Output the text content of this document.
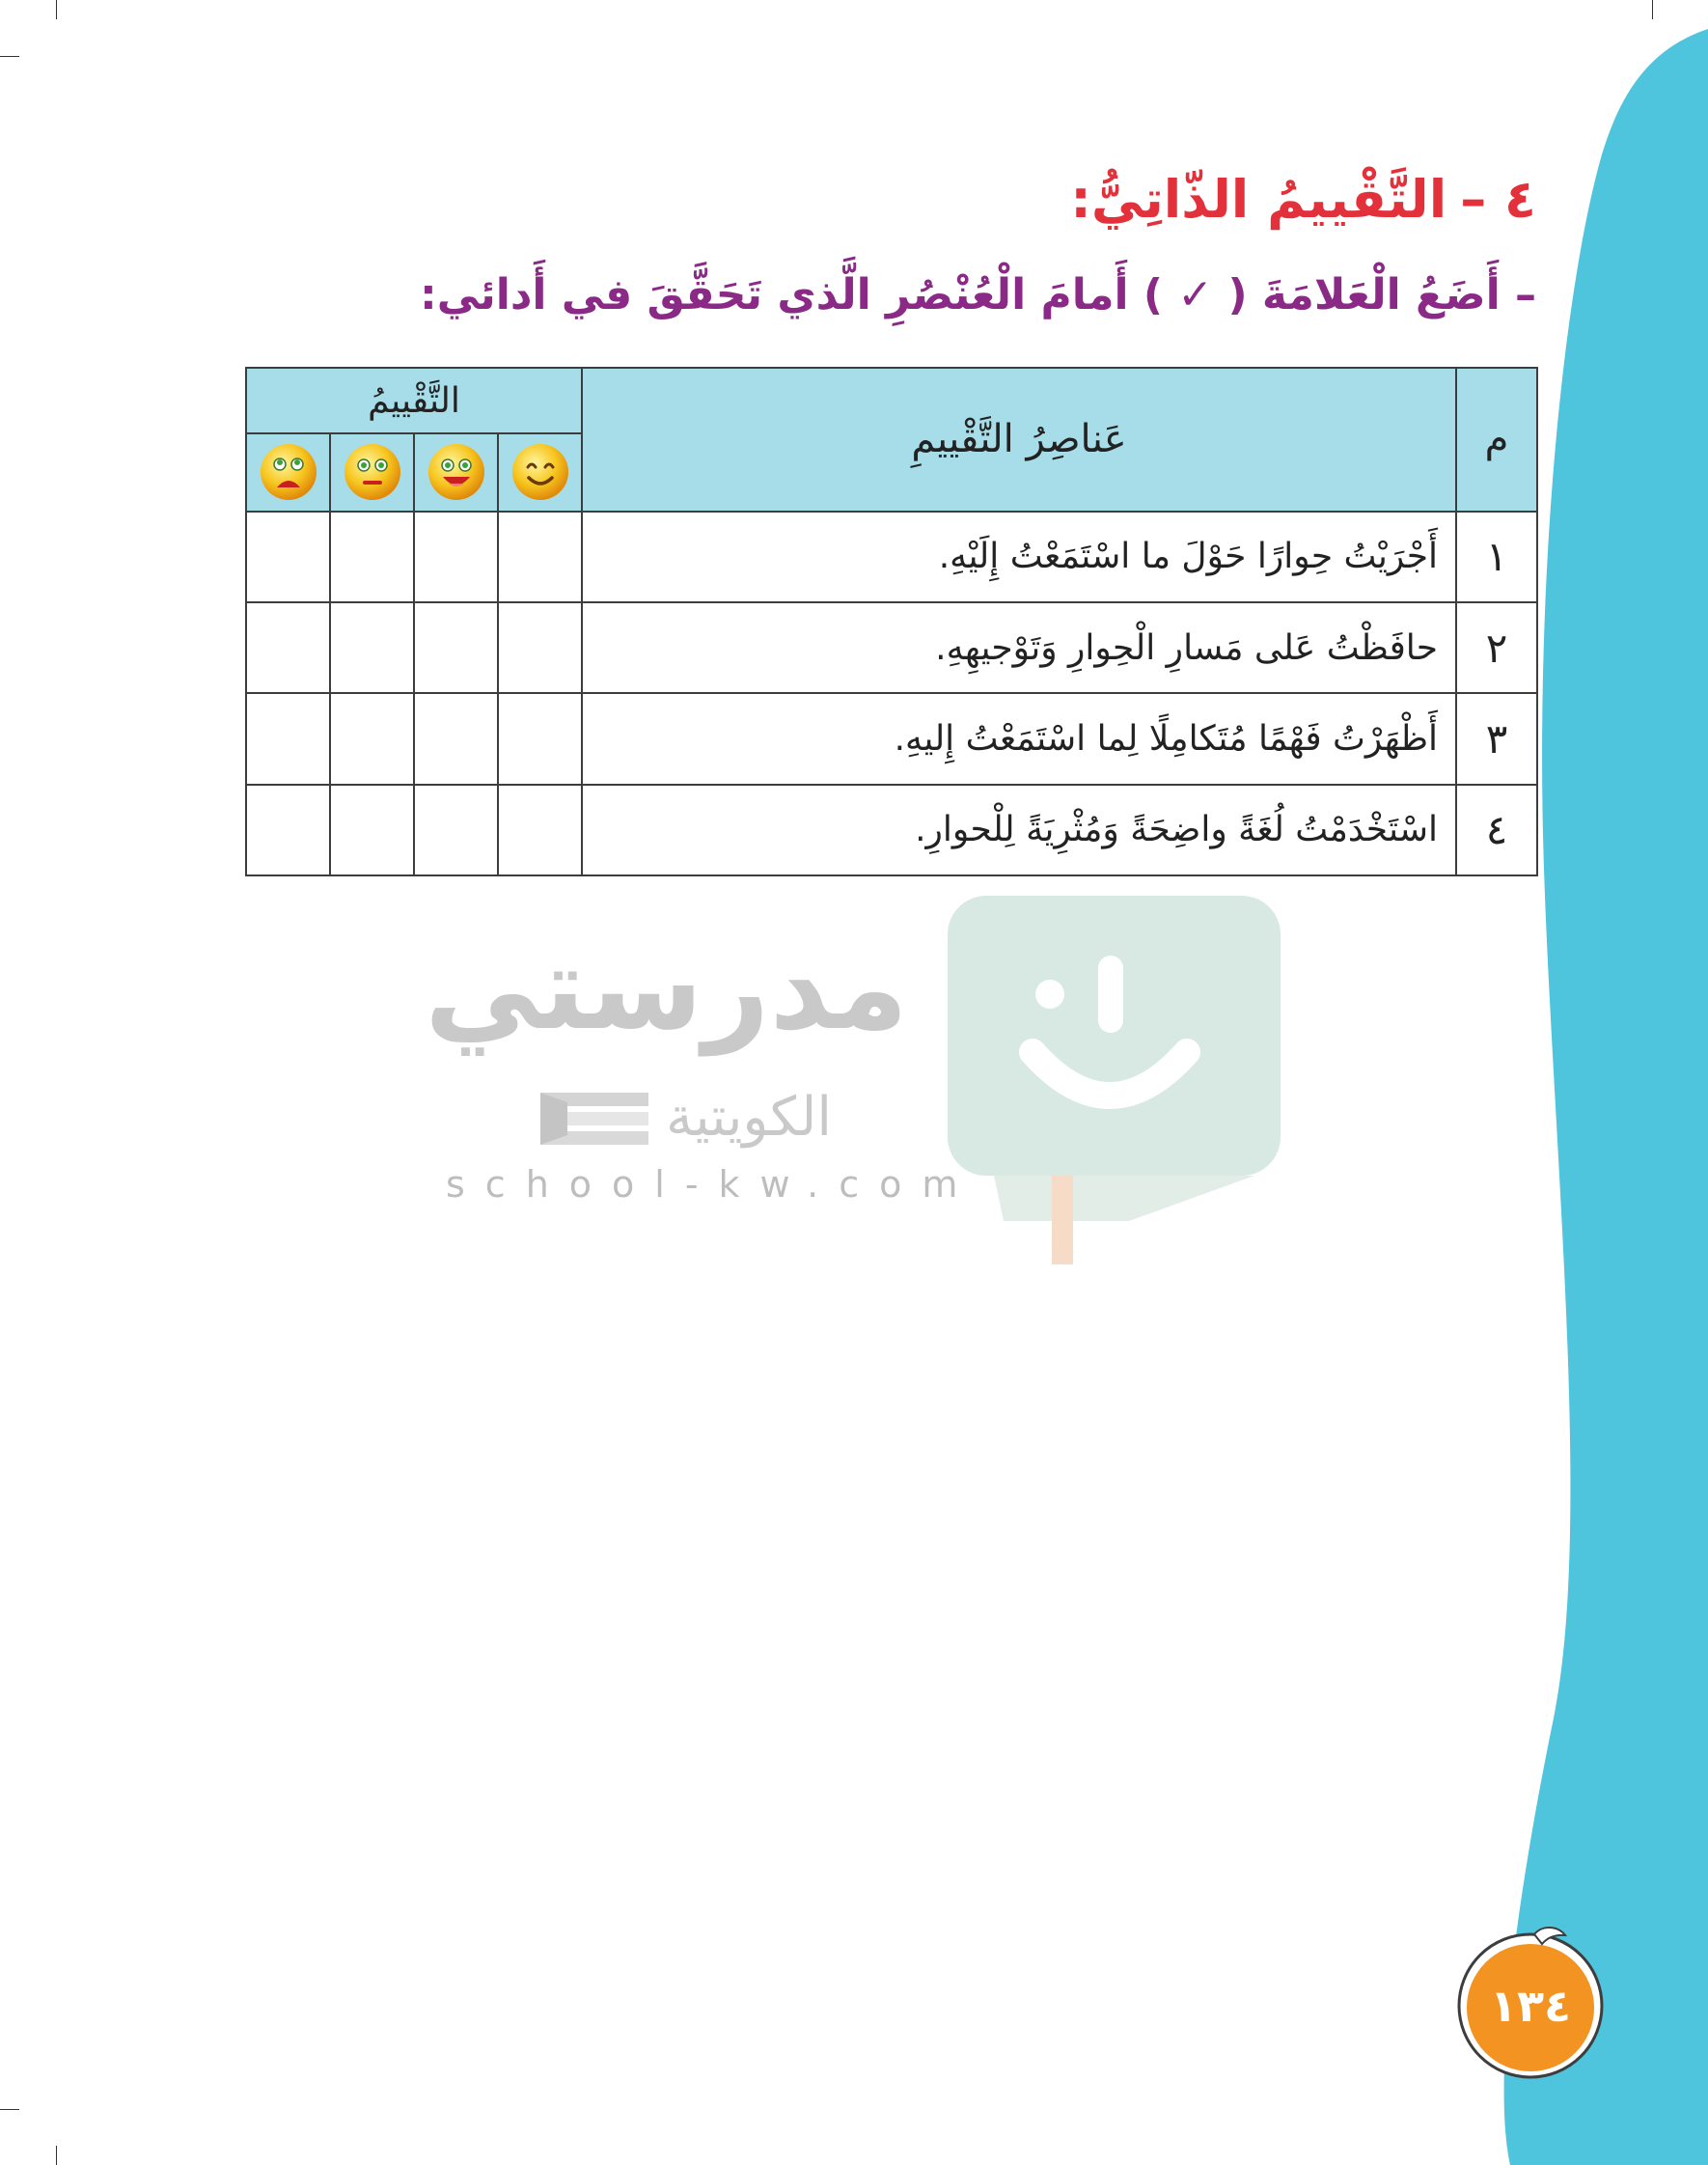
٤ –التَّقْييمُ الذّاتِيُّ:
– أَضَعُ الْعَلامَةَ ( ✓ ) أَمامَ الْعُنْصُرِ الَّذي تَحَقَّقَ في أَدائي:
م	عَناصِرُ التَّقْييمِ	التَّقْييمُ			

١	أَجْرَيْتُ حِوارًا حَوْلَ ما اسْتَمَعْتُ إِلَيْهِ.				
٢	حافَظْتُ عَلى مَسارِ الْحِوارِ وَتَوْجيهِهِ.				
٣	أَظْهَرْتُ فَهْمًا مُتَكامِلًا لِما اسْتَمَعْتُ إِليهِ.				
٤	اسْتَخْدَمْتُ لُغَةً واضِحَةً وَمُثْرِيَةً لِلْحوارِ.				
مدرستي
الكويتية
school-kw.com
١٣٤
